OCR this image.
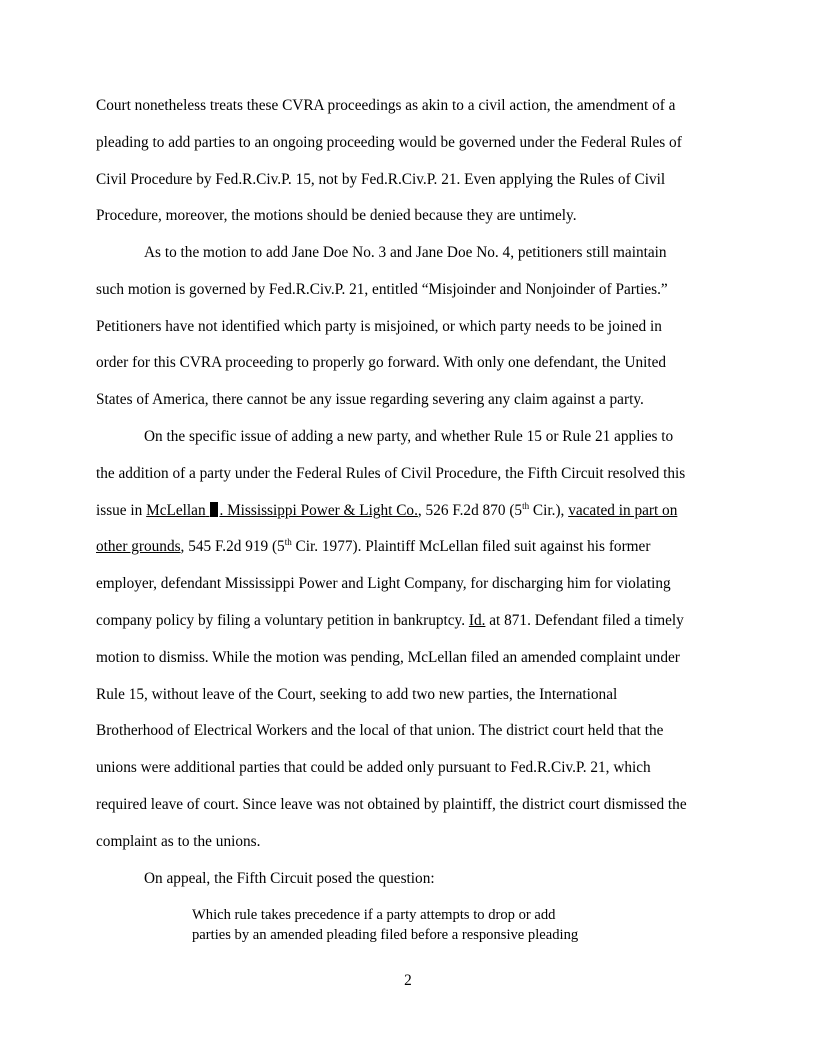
Court nonetheless treats these CVRA proceedings as akin to a civil action, the amendment of a
pleading to add parties to an ongoing proceeding would be governed under the Federal Rules of
Civil Procedure by Fed.R.Civ.P. 15, not by Fed.R.Civ.P. 21. Even applying the Rules of Civil
Procedure, moreover, the motions should be denied because they are untimely.
As to the motion to add Jane Doe No. 3 and Jane Doe No. 4, petitioners still maintain
such motion is governed by Fed.R.Civ.P. 21, entitled “Misjoinder and Nonjoinder of Parties.”
Petitioners have not identified which party is misjoined, or which party needs to be joined in
order for this CVRA proceeding to properly go forward. With only one defendant, the United
States of America, there cannot be any issue regarding severing any claim against a party.
On the specific issue of adding a new party, and whether Rule 15 or Rule 21 applies to
the addition of a party under the Federal Rules of Civil Procedure, the Fifth Circuit resolved this
issue in McLellan . Mississippi Power & Light Co., 526 F.2d 870 (5th Cir.), vacated in part on
other grounds, 545 F.2d 919 (5th Cir. 1977). Plaintiff McLellan filed suit against his former
employer, defendant Mississippi Power and Light Company, for discharging him for violating
company policy by filing a voluntary petition in bankruptcy. Id. at 871. Defendant filed a timely
motion to dismiss. While the motion was pending, McLellan filed an amended complaint under
Rule 15, without leave of the Court, seeking to add two new parties, the International
Brotherhood of Electrical Workers and the local of that union. The district court held that the
unions were additional parties that could be added only pursuant to Fed.R.Civ.P. 21, which
required leave of court. Since leave was not obtained by plaintiff, the district court dismissed the
complaint as to the unions.
On appeal, the Fifth Circuit posed the question:
Which rule takes precedence if a party attempts to drop or add
parties by an amended pleading filed before a responsive pleading
2
